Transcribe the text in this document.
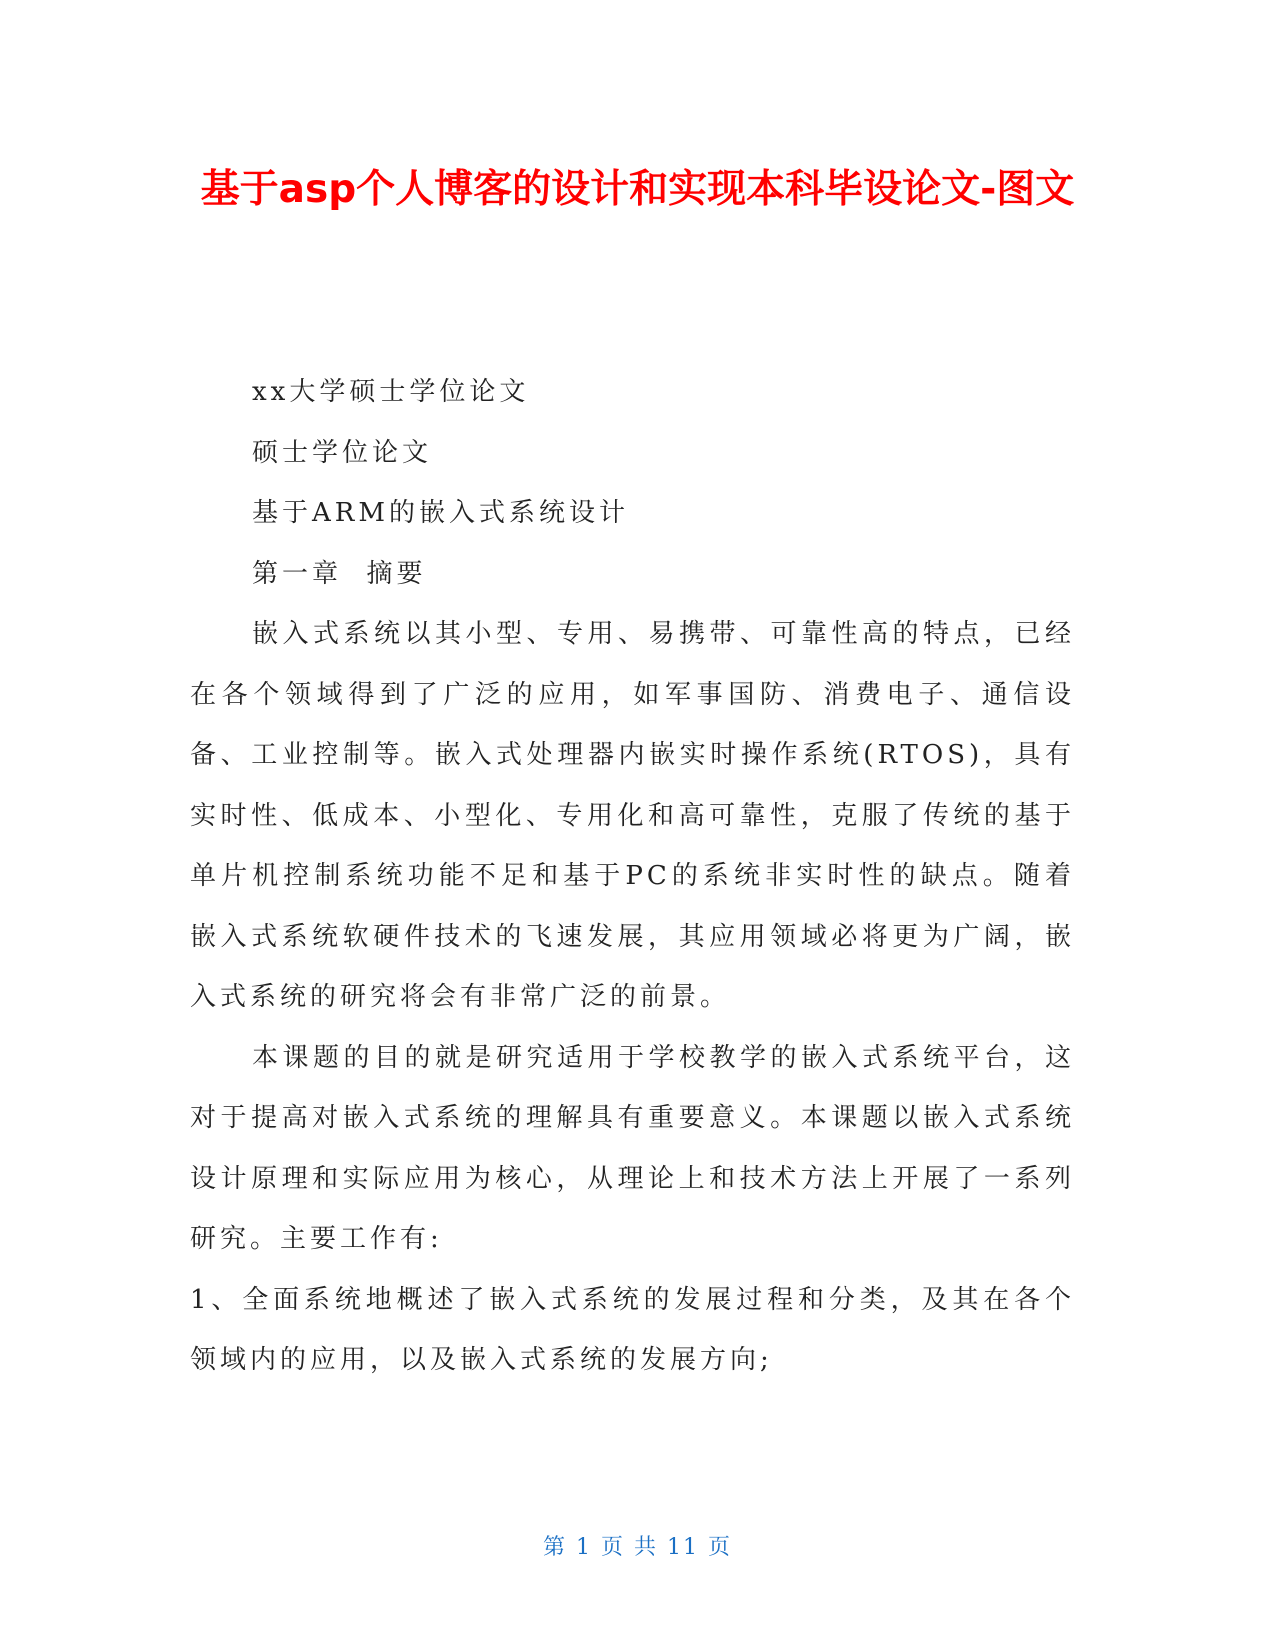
基于asp个人博客的设计和实现本科毕设论文-图文

xx大学硕士学位论文

硕士学位论文

基于ARM的嵌入式系统设计

第一章  摘要

嵌入式系统以其小型、专用、易携带、可靠性高的特点，已经在各个领域得到了广泛的应用，如军事国防、消费电子、通信设备、工业控制等。嵌入式处理器内嵌实时操作系统(RTOS)，具有实时性、低成本、小型化、专用化和高可靠性，克服了传统的基于单片机控制系统功能不足和基于PC的系统非实时性的缺点。随着嵌入式系统软硬件技术的飞速发展，其应用领域必将更为广阔，嵌入式系统的研究将会有非常广泛的前景。

本课题的目的就是研究适用于学校教学的嵌入式系统平台，这对于提高对嵌入式系统的理解具有重要意义。本课题以嵌入式系统设计原理和实际应用为核心，从理论上和技术方法上开展了一系列研究。主要工作有:

1、全面系统地概述了嵌入式系统的发展过程和分类，及其在各个领域内的应用，以及嵌入式系统的发展方向;

第 1 页 共 11 页
